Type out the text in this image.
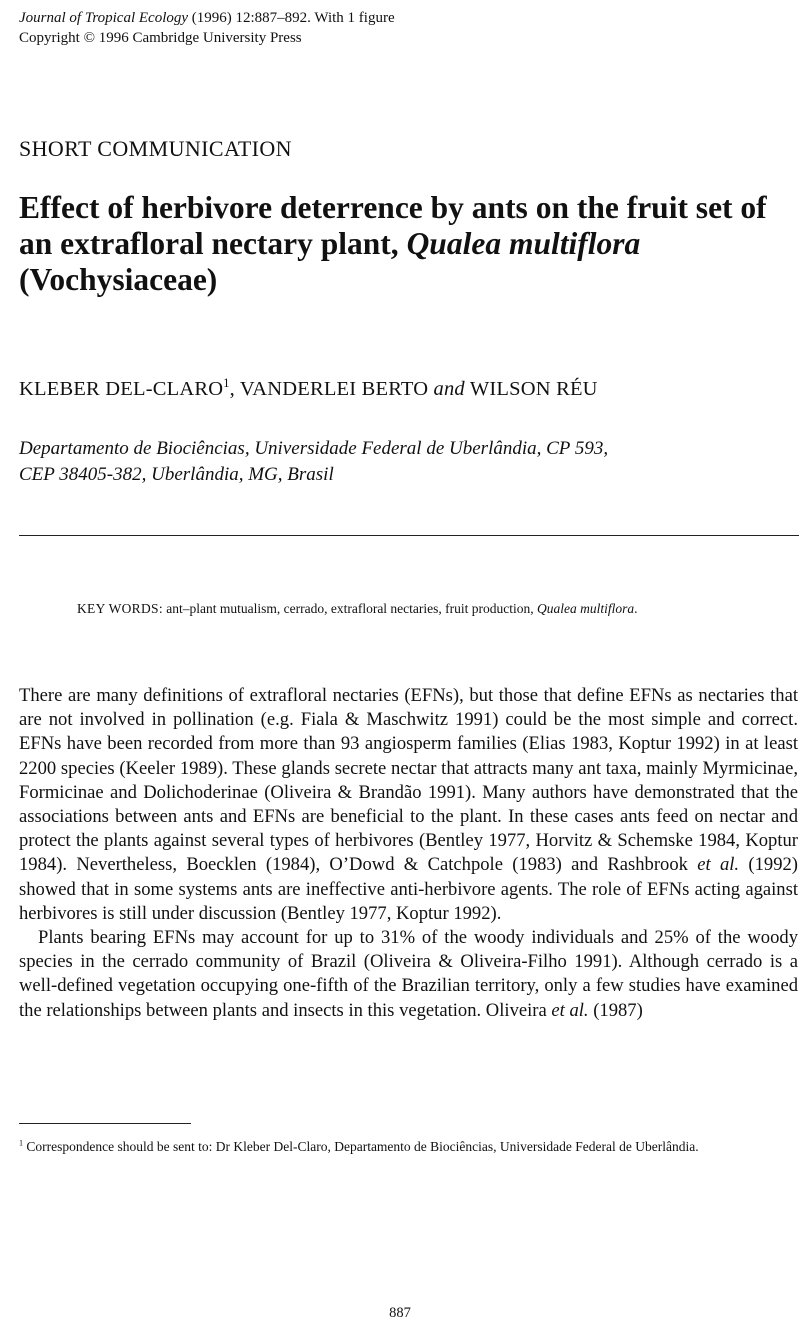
Journal of Tropical Ecology (1996) 12:887–892. With 1 figure
Copyright © 1996 Cambridge University Press
SHORT COMMUNICATION
Effect of herbivore deterrence by ants on the fruit set of an extrafloral nectary plant, Qualea multiflora (Vochysiaceae)
KLEBER DEL-CLARO$^1$, VANDERLEI BERTO and WILSON RÉU
Departamento de Biociências, Universidade Federal de Uberlândia, CP 593,
CEP 38405-382, Uberlândia, MG, Brasil
KEY WORDS: ant–plant mutualism, cerrado, extrafloral nectaries, fruit production, Qualea multiflora.

There are many definitions of extrafloral nectaries (EFNs), but those that define EFNs as nectaries that are not involved in pollination (e.g. Fiala & Maschwitz 1991) could be the most simple and correct. EFNs have been recorded from more than 93 angiosperm families (Elias 1983, Koptur 1992) in at least 2200 species (Keeler 1989). These glands secrete nectar that attracts many ant taxa, mainly Myrmicinae, Formicinae and Dolichoderinae (Oliveira & Brandão 1991). Many authors have demonstrated that the associations between ants and EFNs are beneficial to the plant. In these cases ants feed on nectar and protect the plants against several types of herbivores (Bentley 1977, Horvitz & Schemske 1984, Koptur 1984). Nevertheless, Boecklen (1984), O’Dowd & Catchpole (1983) and Rashbrook et al. (1992) showed that in some systems ants are ineffective anti-herbivore agents. The role of EFNs acting against herbivores is still under discussion (Bentley 1977, Koptur 1992).

Plants bearing EFNs may account for up to 31% of the woody individuals and 25% of the woody species in the cerrado community of Brazil (Oliveira & Oliveira-Filho 1991). Although cerrado is a well-defined vegetation occupying one-fifth of the Brazilian territory, only a few studies have examined the relationships between plants and insects in this vegetation. Oliveira et al. (1987)

$^1$ Correspondence should be sent to: Dr Kleber Del-Claro, Departamento de Biociências, Universidade Federal de Uberlândia.
887
